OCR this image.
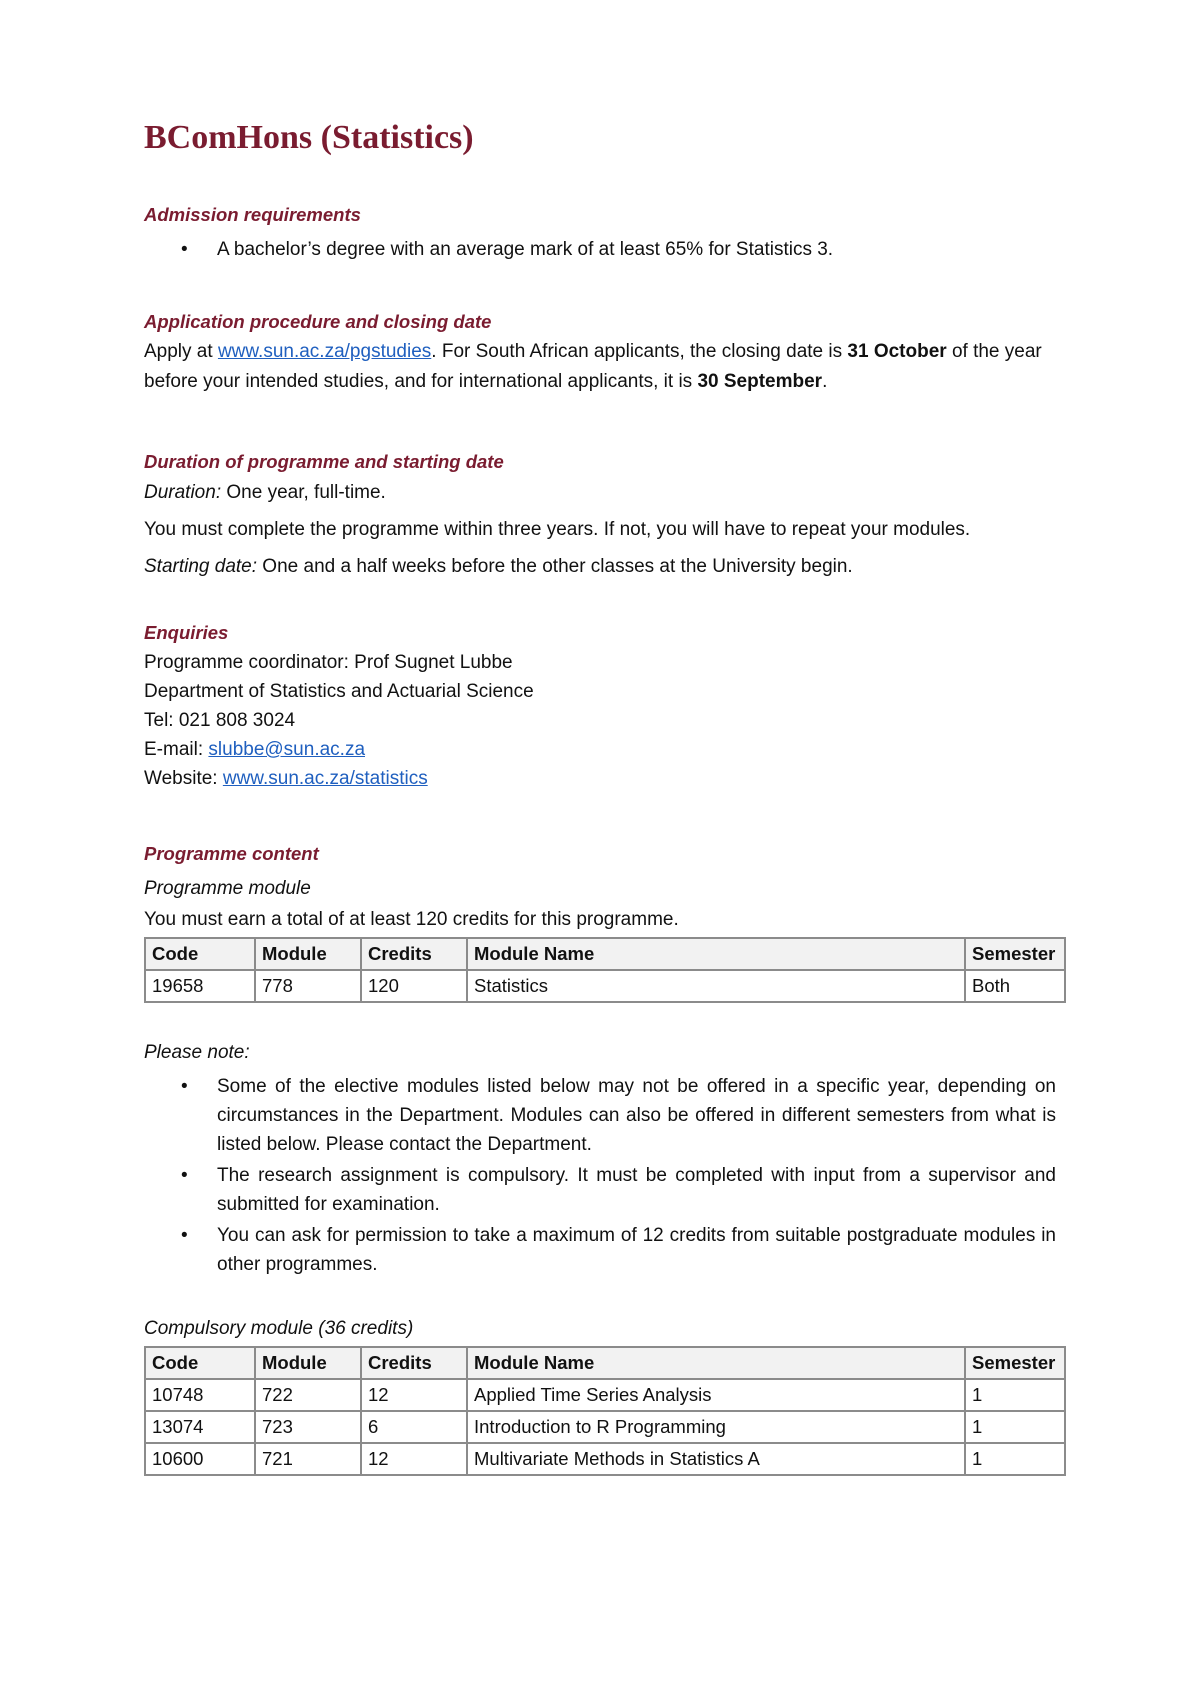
BComHons (Statistics)
Admission requirements
• A bachelor’s degree with an average mark of at least 65% for Statistics 3.
Application procedure and closing date

Apply at www.sun.ac.za/pgstudies. For South African applicants, the closing date is 31 October of the year before your intended studies, and for international applicants, it is 30 September.

Duration of programme and starting date

Duration: One year, full-time.

You must complete the programme within three years. If not, you will have to repeat your modules.

Starting date: One and a half weeks before the other classes at the University begin.

Enquiries

Programme coordinator: Prof Sugnet Lubbe

Department of Statistics and Actuarial Science

Tel: 021 808 3024

E-mail: slubbe@sun.ac.za

Website: www.sun.ac.za/statistics

Programme content

Programme module

You must earn a total of at least 120 credits for this programme.

Code	Module	Credits	Module Name	Semester
19658	778	120	Statistics	Both

Please note:

• Some of the elective modules listed below may not be offered in a specific year, depending on circumstances in the Department. Modules can also be offered in different semesters from what is listed below. Please contact the Department.
• The research assignment is compulsory. It must be completed with input from a supervisor and submitted for examination.
• You can ask for permission to take a maximum of 12 credits from suitable postgraduate modules in other programmes.

Compulsory module (36 credits)

Code	Module	Credits	Module Name	Semester
10748	722	12	Applied Time Series Analysis	1
13074	723	6	Introduction to R Programming	1
10600	721	12	Multivariate Methods in Statistics A	1
